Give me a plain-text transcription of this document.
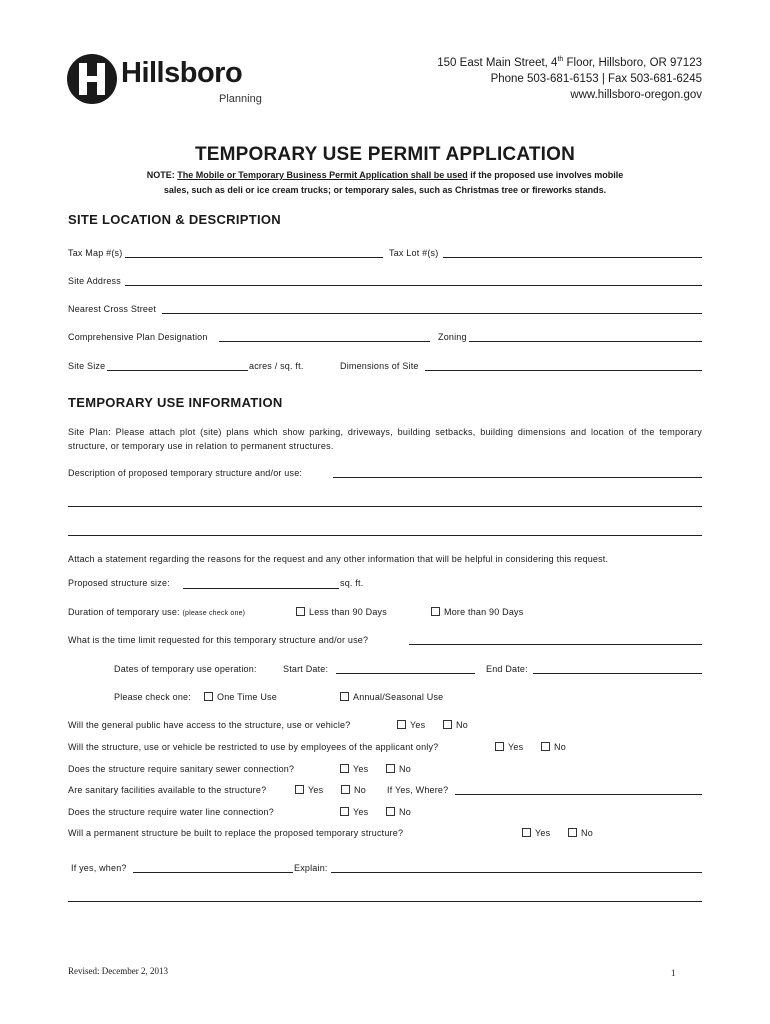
Hillsboro
Planning
150 East Main Street, 4th Floor, Hillsboro, OR 97123
Phone 503-681-6153 | Fax 503-681-6245
www.hillsboro-oregon.gov
TEMPORARY USE PERMIT APPLICATION
NOTE: The Mobile or Temporary Business Permit Application shall be used if the proposed use involves mobile
sales, such as deli or ice cream trucks; or temporary sales, such as Christmas tree or fireworks stands.
SITE LOCATION & DESCRIPTION
Tax Map #(s)	Tax Lot #(s)
Site Address
Nearest Cross Street
Comprehensive Plan Designation	Zoning
Site Size	acres / sq. ft.	Dimensions of Site
TEMPORARY USE INFORMATION
Site Plan: Please attach plot (site) plans which show parking, driveways, building setbacks, building dimensions and location of the temporary structure, or temporary use in relation to permanent structures.
Description of proposed temporary structure and/or use:
Attach a statement regarding the reasons for the request and any other information that will be helpful in considering this request.
Proposed structure size:	sq. ft.
Duration of temporary use: (please check one)	Less than 90 Days	More than 90 Days
What is the time limit requested for this temporary structure and/or use?
Dates of temporary use operation:	Start Date:	End Date:
Please check one:	One Time Use	Annual/Seasonal Use
Will the general public have access to the structure, use or vehicle?	Yes	No
Will the structure, use or vehicle be restricted to use by employees of the applicant only?	Yes	No
Does the structure require sanitary sewer connection?	Yes	No
Are sanitary facilities available to the structure?	Yes	No If Yes, Where?
Does the structure require water line connection?	Yes	No
Will a permanent structure be built to replace the proposed temporary structure?	Yes	No
If yes, when?	Explain:
Revised: December 2, 2013	1
